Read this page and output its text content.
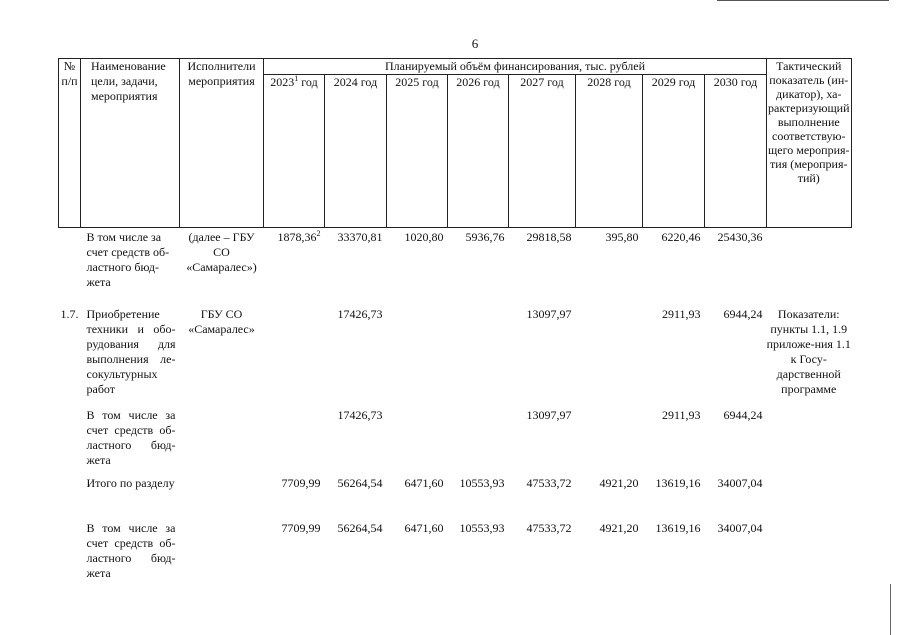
6
№ п/п	Наименование цели, задачи, мероприятия	Исполнители мероприятия	Планируемый объём финансирования, тыс. рублей								Тактический показатель (ин-дикатор), ха-рактеризующий выполнение соответствую-щего мероприя-тия (мероприя-тий)
			2023$^1$ год	2024 год	2025 год	2026 год	2027 год	2028 год	2029 год	2030 год	
	В том числе за счет средств об-ластного бюд-жета	(далее – ГБУ СО «Самаралес»)	1878,36$^2$	33370,81	1020,80	5936,76	29818,58	395,80	6220,46	25430,36	
1.7.	Приобретение техники и обо-рудования для выполнения ле-сокультурных работ	ГБУ СО «Самаралес»		17426,73			13097,97		2911,93	6944,24	Показатели: пункты 1.1, 1.9 приложе-ния 1.1 к Госу-дарственной программе
	В том числе за счет средств об-ластного бюд-жета			17426,73			13097,97		2911,93	6944,24	
	Итого по разделу		7709,99	56264,54	6471,60	10553,93	47533,72	4921,20	13619,16	34007,04	
	В том числе за счет средств об-ластного бюд-жета		7709,99	56264,54	6471,60	10553,93	47533,72	4921,20	13619,16	34007,04	
